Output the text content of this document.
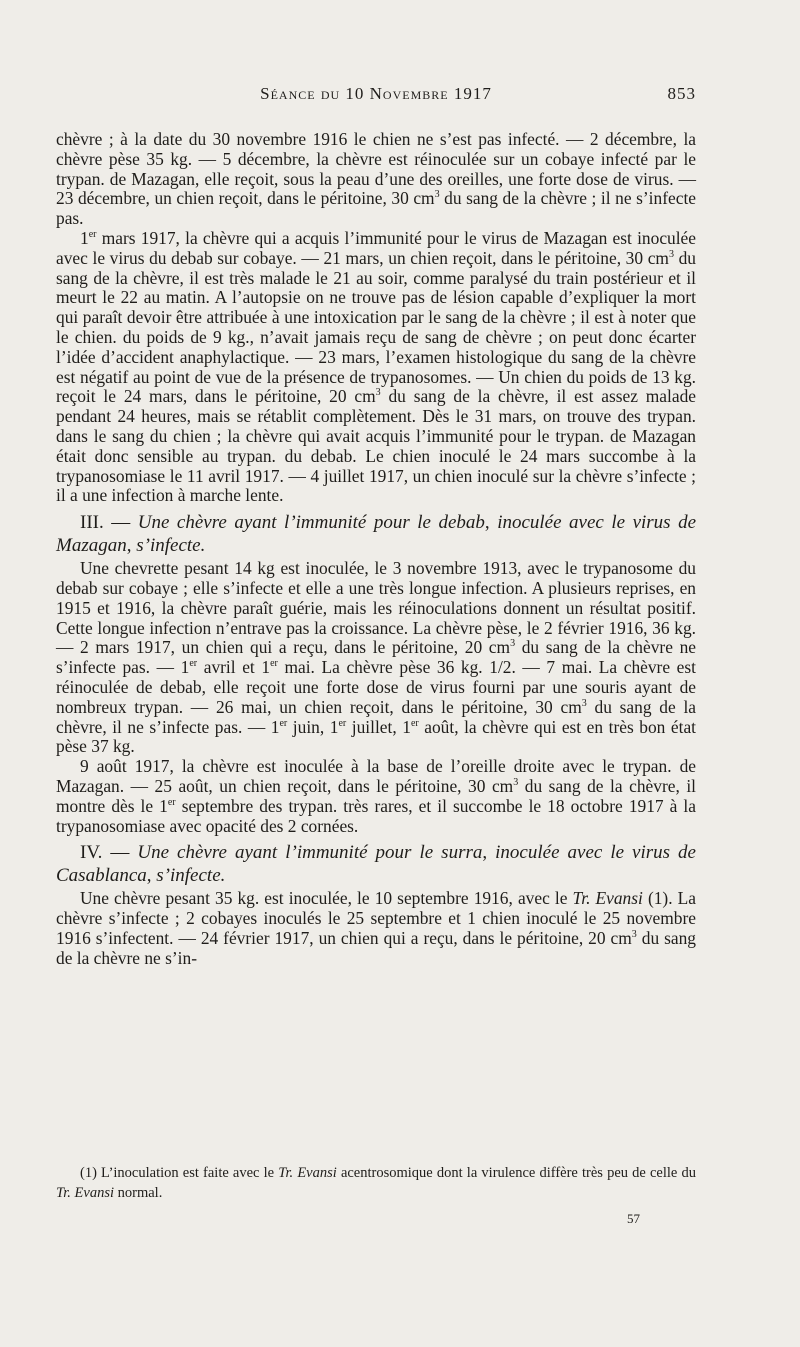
Séance du 10 Novembre 1917	853

chèvre ; à la date du 30 novembre 1916 le chien ne s’est pas infecté. — 2 décembre, la chèvre pèse 35 kg. — 5 décembre, la chèvre est réinoculée sur un cobaye infecté par le trypan. de Mazagan, elle reçoit, sous la peau d’une des oreilles, une forte dose de virus. — 23 décembre, un chien reçoit, dans le péritoine, 30 $cm^3$ du sang de la chèvre ; il ne s’infecte pas.

1er mars 1917, la chèvre qui a acquis l’immunité pour le virus de Mazagan est inoculée avec le virus du debab sur cobaye. — 21 mars, un chien reçoit, dans le péritoine, 30 $cm^3$ du sang de la chèvre, il est très malade le 21 au soir, comme paralysé du train postérieur et il meurt le 22 au matin. A l’autopsie on ne trouve pas de lésion capable d’expliquer la mort qui paraît devoir être attribuée à une intoxication par le sang de la chèvre ; il est à noter que le chien. du poids de 9 kg., n’avait jamais reçu de sang de chèvre ; on peut donc écarter l’idée d’accident anaphylactique. — 23 mars, l’examen histologique du sang de la chèvre est négatif au point de vue de la présence de trypanosomes. — Un chien du poids de 13 kg. reçoit le 24 mars, dans le péritoine, 20 $cm^3$ du sang de la chèvre, il est assez malade pendant 24 heures, mais se rétablit complètement. Dès le 31 mars, on trouve des trypan. dans le sang du chien ; la chèvre qui avait acquis l’immunité pour le trypan. de Mazagan était donc sensible au trypan. du debab. Le chien inoculé le 24 mars succombe à la trypanosomiase le 11 avril 1917. — 4 juillet 1917, un chien inoculé sur la chèvre s’infecte ; il a une infection à marche lente.

III. — Une chèvre ayant l’immunité pour le debab, inoculée avec le virus de Mazagan, s’infecte.

Une chevrette pesant 14 kg est inoculée, le 3 novembre 1913, avec le trypanosome du debab sur cobaye ; elle s’infecte et elle a une très longue infection. A plusieurs reprises, en 1915 et 1916, la chèvre paraît guérie, mais les réinoculations donnent un résultat positif. Cette longue infection n’entrave pas la croissance. La chèvre pèse, le 2 février 1916, 36 kg. — 2 mars 1917, un chien qui a reçu, dans le péritoine, 20 $cm^3$ du sang de la chèvre ne s’infecte pas. — 1er avril et 1er mai. La chèvre pèse 36 kg. 1/2. — 7 mai. La chèvre est réinoculée de debab, elle reçoit une forte dose de virus fourni par une souris ayant de nombreux trypan. — 26 mai, un chien reçoit, dans le péritoine, 30 $cm^3$ du sang de la chèvre, il ne s’infecte pas. — 1er juin, 1er juillet, 1er août, la chèvre qui est en très bon état pèse 37 kg.

9 août 1917, la chèvre est inoculée à la base de l’oreille droite avec le trypan. de Mazagan. — 25 août, un chien reçoit, dans le péritoine, 30 $cm^3$ du sang de la chèvre, il montre dès le 1er septembre des trypan. très rares, et il succombe le 18 octobre 1917 à la trypanosomiase avec opacité des 2 cornées.

IV. — Une chèvre ayant l’immunité pour le surra, inoculée avec le virus de Casablanca, s’infecte.

Une chèvre pesant 35 kg. est inoculée, le 10 septembre 1916, avec le Tr. Evansi (1). La chèvre s’infecte ; 2 cobayes inoculés le 25 septembre et 1 chien inoculé le 25 novembre 1916 s’infectent. — 24 février 1917, un chien qui a reçu, dans le péritoine, 20 $cm^3$ du sang de la chèvre ne s’in-

(1) L’inoculation est faite avec le Tr. Evansi acentrosomique dont la virulence diffère très peu de celle du Tr. Evansi normal.

57
